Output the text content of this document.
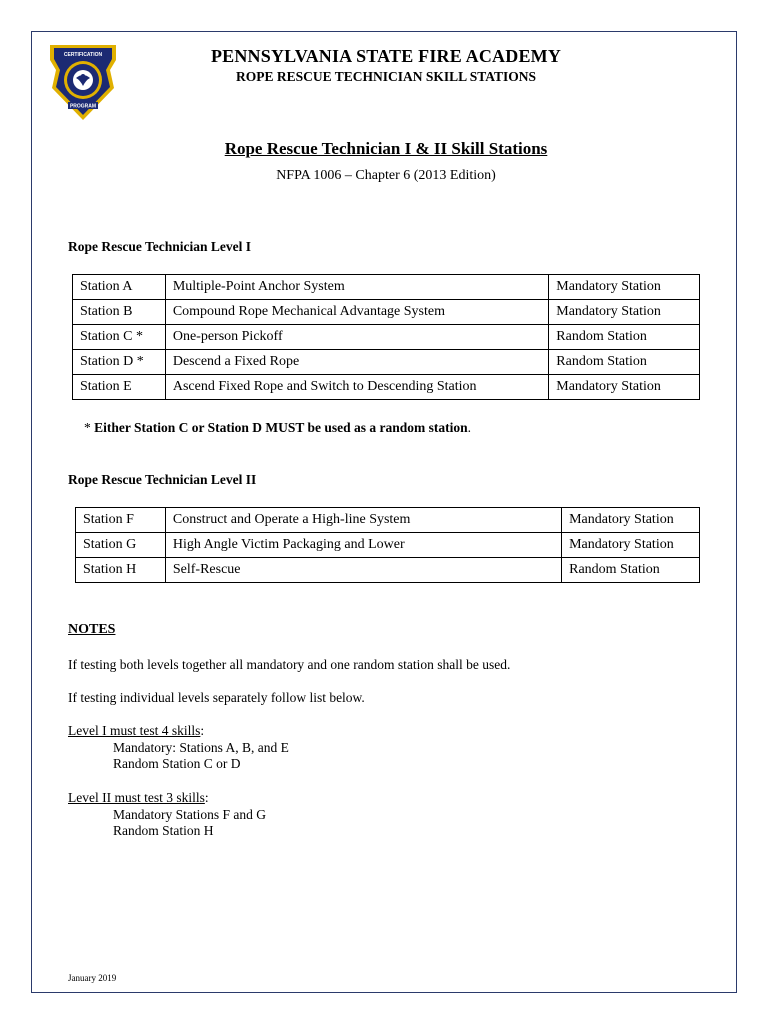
CERTIFICATION
PROGRAM
PENNSYLVANIA STATE FIRE ACADEMY
ROPE RESCUE TECHNICIAN SKILL STATIONS
Rope Rescue Technician I & II Skill Stations
NFPA 1006 – Chapter 6 (2013 Edition)
Rope Rescue Technician Level I
Station A	Multiple-Point Anchor System	Mandatory Station
Station B	Compound Rope Mechanical Advantage System	Mandatory Station
Station C *	One-person Pickoff	Random Station
Station D *	Descend a Fixed Rope	Random Station
Station E	Ascend Fixed Rope and Switch to Descending Station	Mandatory Station
* Either Station C or Station D MUST be used as a random station.
Rope Rescue Technician Level II
Station F	Construct and Operate a High-line System	Mandatory Station
Station G	High Angle Victim Packaging and Lower	Mandatory Station
Station H	Self-Rescue	Random Station
NOTES
If testing both levels together all mandatory and one random station shall be used.
If testing individual levels separately follow list below.
Level I must test 4 skills:
Mandatory: Stations A, B, and E
Random Station C or D
Level II must test 3 skills:
Mandatory Stations F and G
Random Station H
January 2019
